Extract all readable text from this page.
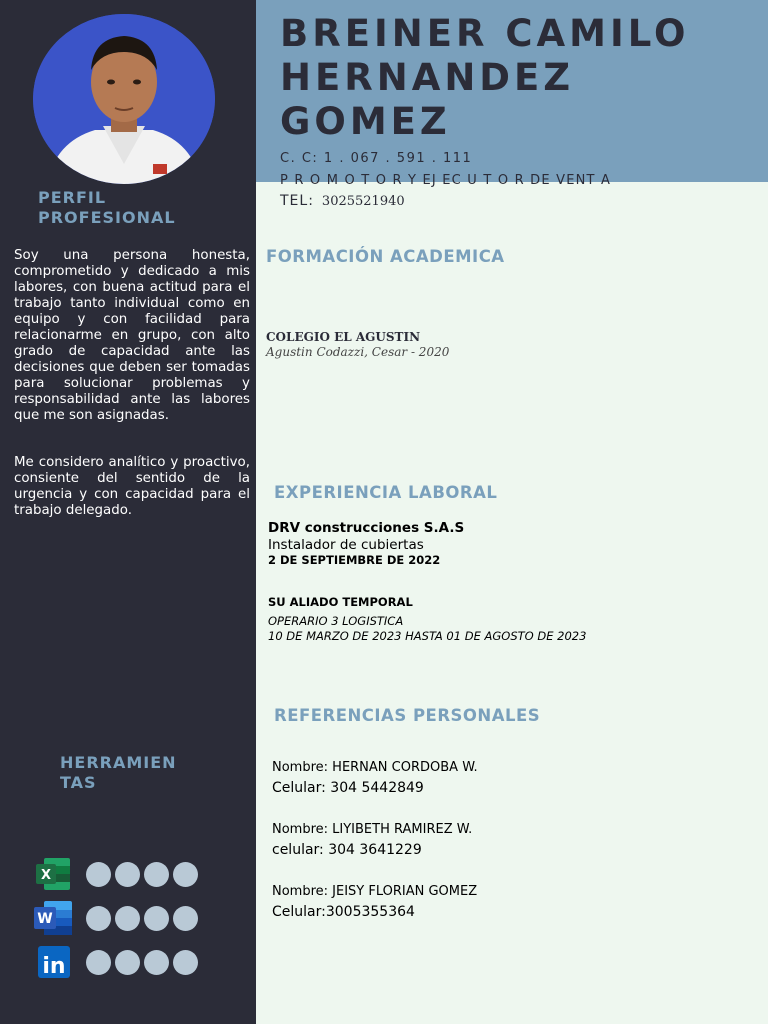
PERFIL
PROFESIONAL
Soy una persona honesta, comprometido y dedicado a mis labores, con buena actitud para el trabajo tanto individual como en equipo y con facilidad para relacionarme en grupo, con alto grado de capacidad ante las decisiones que deben ser tomadas para solucionar problemas y responsabilidad ante las labores que me son asignadas.
Me considero analítico y proactivo, consiente del sentido de la urgencia y con capacidad para el trabajo delegado.
HERRAMIEN
TAS
X
W
in
BREINER CAMILO
HERNANDEZ
GOMEZ
C. C: 1 . 067 . 591 . 111
P R O M O T O R Y EJ EC U T O R DE VENT A
TEL: 3025521940
FORMACIÓN ACADEMICA
COLEGIO EL AGUSTIN
Agustin Codazzi, Cesar - 2020
EXPERIENCIA LABORAL
DRV construcciones S.A.S
Instalador de cubiertas
2 DE SEPTIEMBRE DE 2022
SU ALIADO TEMPORAL
OPERARIO 3 LOGISTICA
10 DE MARZO DE 2023 HASTA 01 DE AGOSTO DE 2023
REFERENCIAS PERSONALES
Nombre: HERNAN CORDOBA W.
Celular: 304 5442849
Nombre: LIYIBETH RAMIREZ W.
celular: 304 3641229
Nombre: JEISY FLORIAN GOMEZ
Celular:3005355364
